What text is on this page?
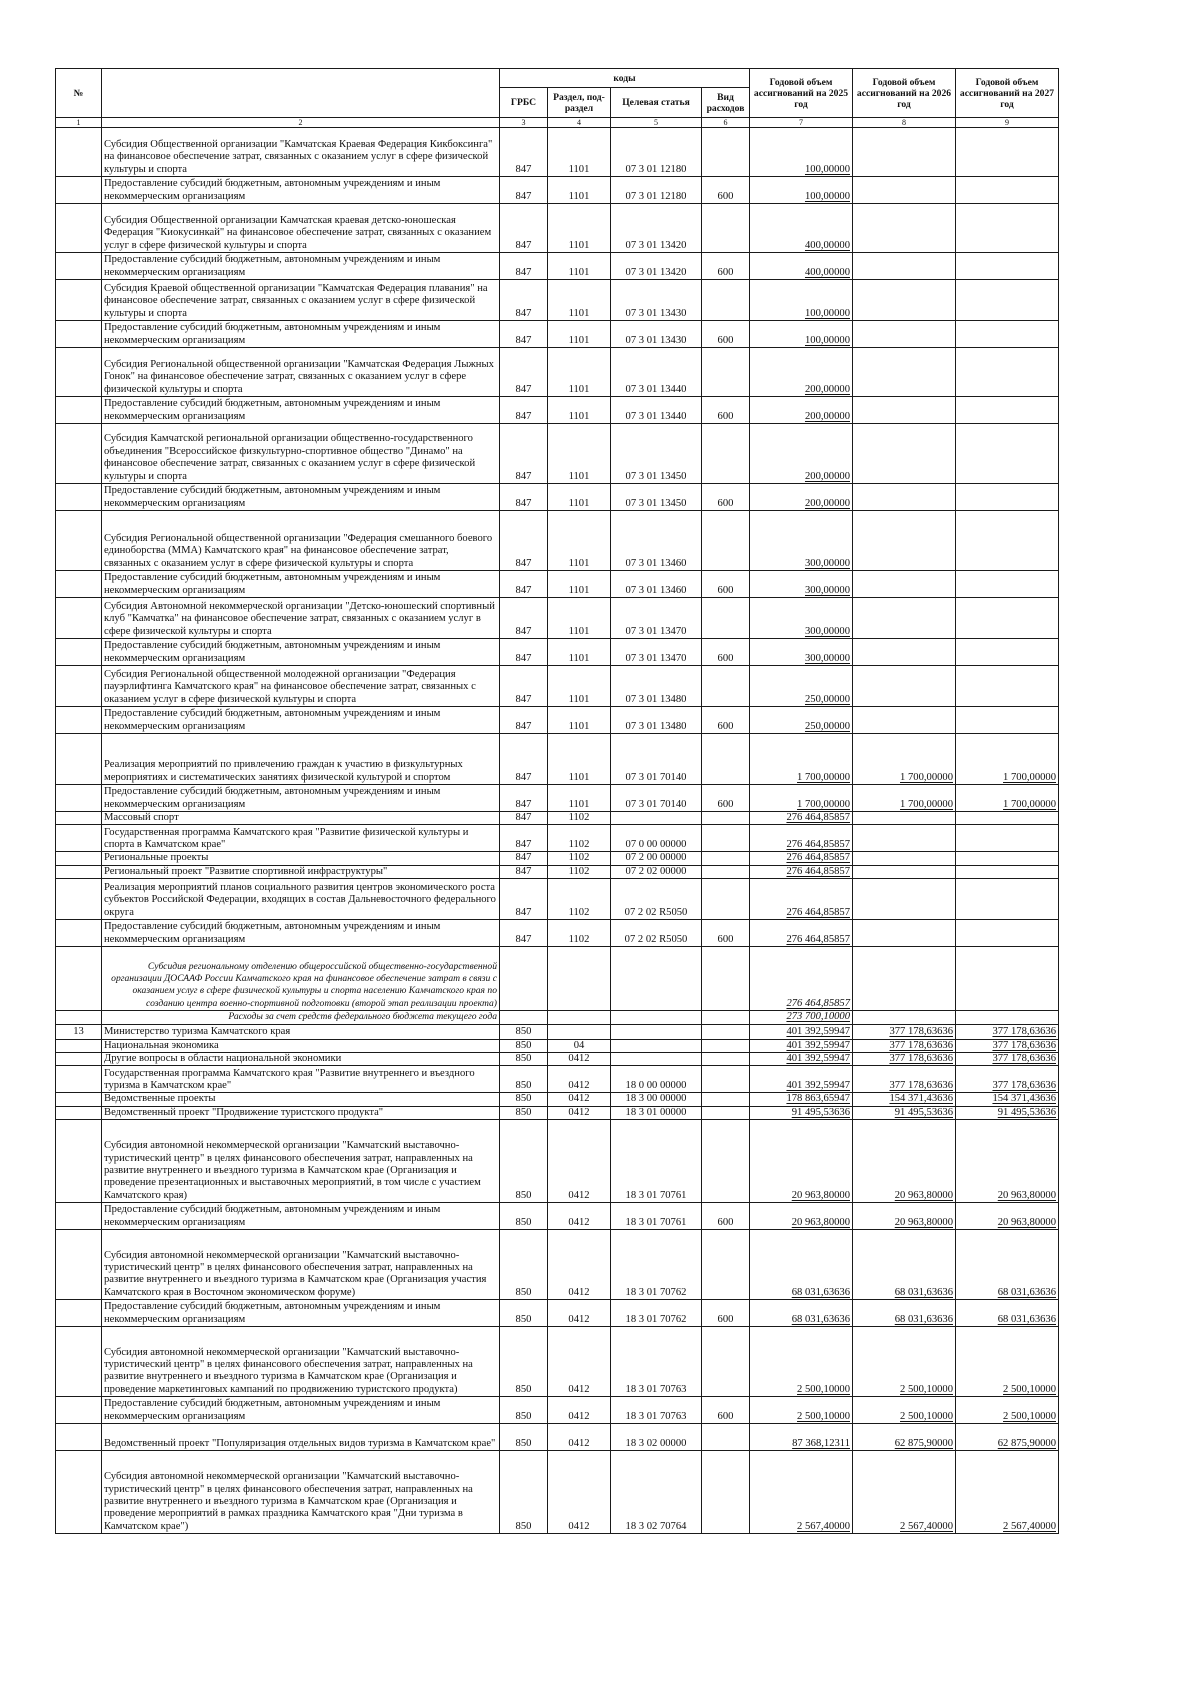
№		коды				Годовой объем ассигнований на 2025 год	Годовой объем ассигнований на 2026 год	Годовой объем ассигнований на 2027 год
		ГРБС	Раздел, под-раздел	Целевая статья	Вид расходов			
1	2	3	4	5	6	7	8	9
	Субсидия Общественной организации "Камчатская Краевая Федерация Кикбоксинга" на финансовое обеспечение затрат, связанных с оказанием услуг в сфере физической культуры и спорта	847	1101	07 3 01 12180		100,00000		
	Предоставление субсидий бюджетным, автономным учреждениям и иным некоммерческим организациям	847	1101	07 3 01 12180	600	100,00000		
	Субсидия Общественной организации Камчатская краевая детско-юношеская Федерация "Киокусинкай" на финансовое обеспечение затрат, связанных с оказанием услуг в сфере физической культуры и спорта	847	1101	07 3 01 13420		400,00000		
	Предоставление субсидий бюджетным, автономным учреждениям и иным некоммерческим организациям	847	1101	07 3 01 13420	600	400,00000		
	Субсидия Краевой общественной организации "Камчатская Федерация плавания" на финансовое обеспечение затрат, связанных с оказанием услуг в сфере физической культуры и спорта	847	1101	07 3 01 13430		100,00000		
	Предоставление субсидий бюджетным, автономным учреждениям и иным некоммерческим организациям	847	1101	07 3 01 13430	600	100,00000		
	Субсидия Региональной общественной организации "Камчатская Федерация Лыжных Гонок" на финансовое обеспечение затрат, связанных с оказанием услуг в сфере физической культуры и спорта	847	1101	07 3 01 13440		200,00000		
	Предоставление субсидий бюджетным, автономным учреждениям и иным некоммерческим организациям	847	1101	07 3 01 13440	600	200,00000		
	Субсидия Камчатской региональной организации общественно-государственного объединения "Всероссийское физкультурно-спортивное общество "Динамо" на финансовое обеспечение затрат, связанных с оказанием услуг в сфере физической культуры и спорта	847	1101	07 3 01 13450		200,00000		
	Предоставление субсидий бюджетным, автономным учреждениям и иным некоммерческим организациям	847	1101	07 3 01 13450	600	200,00000		
	Субсидия Региональной общественной организации "Федерация смешанного боевого единоборства (ММА) Камчатского края" на финансовое обеспечение затрат, связанных с оказанием услуг в сфере физической культуры и спорта	847	1101	07 3 01 13460		300,00000		
	Предоставление субсидий бюджетным, автономным учреждениям и иным некоммерческим организациям	847	1101	07 3 01 13460	600	300,00000		
	Субсидия Автономной некоммерческой организации "Детско-юношеский спортивный клуб "Камчатка" на финансовое обеспечение затрат, связанных с оказанием услуг в сфере физической культуры и спорта	847	1101	07 3 01 13470		300,00000		
	Предоставление субсидий бюджетным, автономным учреждениям и иным некоммерческим организациям	847	1101	07 3 01 13470	600	300,00000		
	Субсидия Региональной общественной молодежной организации "Федерация пауэрлифтинга Камчатского края" на финансовое обеспечение затрат, связанных с оказанием услуг в сфере физической культуры и спорта	847	1101	07 3 01 13480		250,00000		
	Предоставление субсидий бюджетным, автономным учреждениям и иным некоммерческим организациям	847	1101	07 3 01 13480	600	250,00000		
	Реализация мероприятий по привлечению граждан к участию в физкультурных мероприятиях и систематических занятиях физической культурой и спортом	847	1101	07 3 01 70140		1 700,00000	1 700,00000	1 700,00000
	Предоставление субсидий бюджетным, автономным учреждениям и иным некоммерческим организациям	847	1101	07 3 01 70140	600	1 700,00000	1 700,00000	1 700,00000
	Массовый спорт	847	1102			276 464,85857		
	Государственная программа Камчатского края "Развитие физической культуры и спорта в Камчатском крае"	847	1102	07 0 00 00000		276 464,85857		
	Региональные проекты	847	1102	07 2 00 00000		276 464,85857		
	Региональный проект "Развитие спортивной инфраструктуры"	847	1102	07 2 02 00000		276 464,85857		
	Реализация мероприятий планов социального развития центров экономического роста субъектов Российской Федерации, входящих в состав Дальневосточного федерального округа	847	1102	07 2 02 R5050		276 464,85857		
	Предоставление субсидий бюджетным, автономным учреждениям и иным некоммерческим организациям	847	1102	07 2 02 R5050	600	276 464,85857		
	Субсидия региональному отделению общероссийской общественно-государственной организации ДОСААФ России Камчатского края на финансовое обеспечение затрат в связи с оказанием услуг в сфере физической культуры и спорта населению Камчатского края по созданию центра военно-спортивной подготовки (второй этап реализации проекта)					276 464,85857		
	Расходы за счет средств федерального бюджета текущего года					273 700,10000		
13	Министерство туризма Камчатского края	850				401 392,59947	377 178,63636	377 178,63636
	Национальная экономика	850	04			401 392,59947	377 178,63636	377 178,63636
	Другие вопросы в области национальной экономики	850	0412			401 392,59947	377 178,63636	377 178,63636
	Государственная программа Камчатского края "Развитие внутреннего и въездного туризма в Камчатском крае"	850	0412	18 0 00 00000		401 392,59947	377 178,63636	377 178,63636
	Ведомственные проекты	850	0412	18 3 00 00000		178 863,65947	154 371,43636	154 371,43636
	Ведомственный проект "Продвижение туристского продукта"	850	0412	18 3 01 00000		91 495,53636	91 495,53636	91 495,53636
	Субсидия автономной некоммерческой организации "Камчатский выставочно-туристический центр" в целях финансового обеспечения затрат, направленных на развитие внутреннего и въездного туризма в Камчатском крае (Организация и проведение презентационных и выставочных мероприятий, в том числе с участием Камчатского края)	850	0412	18 3 01 70761		20 963,80000	20 963,80000	20 963,80000
	Предоставление субсидий бюджетным, автономным учреждениям и иным некоммерческим организациям	850	0412	18 3 01 70761	600	20 963,80000	20 963,80000	20 963,80000
	Субсидия автономной некоммерческой организации "Камчатский выставочно-туристический центр" в целях финансового обеспечения затрат, направленных на развитие внутреннего и въездного туризма в Камчатском крае (Организация участия Камчатского края в Восточном экономическом форуме)	850	0412	18 3 01 70762		68 031,63636	68 031,63636	68 031,63636
	Предоставление субсидий бюджетным, автономным учреждениям и иным некоммерческим организациям	850	0412	18 3 01 70762	600	68 031,63636	68 031,63636	68 031,63636
	Субсидия автономной некоммерческой организации "Камчатский выставочно-туристический центр" в целях финансового обеспечения затрат, направленных на развитие внутреннего и въездного туризма в Камчатском крае (Организация и проведение маркетинговых кампаний по продвижению туристского продукта)	850	0412	18 3 01 70763		2 500,10000	2 500,10000	2 500,10000
	Предоставление субсидий бюджетным, автономным учреждениям и иным некоммерческим организациям	850	0412	18 3 01 70763	600	2 500,10000	2 500,10000	2 500,10000
	Ведомственный проект "Популяризация отдельных видов туризма в Камчатском крае"	850	0412	18 3 02 00000		87 368,12311	62 875,90000	62 875,90000
	Субсидия автономной некоммерческой организации "Камчатский выставочно-туристический центр" в целях финансового обеспечения затрат, направленных на развитие внутреннего и въездного туризма в Камчатском крае (Организация и проведение мероприятий в рамках праздника Камчатского края "Дни туризма в Камчатском крае")	850	0412	18 3 02 70764		2 567,40000	2 567,40000	2 567,40000
